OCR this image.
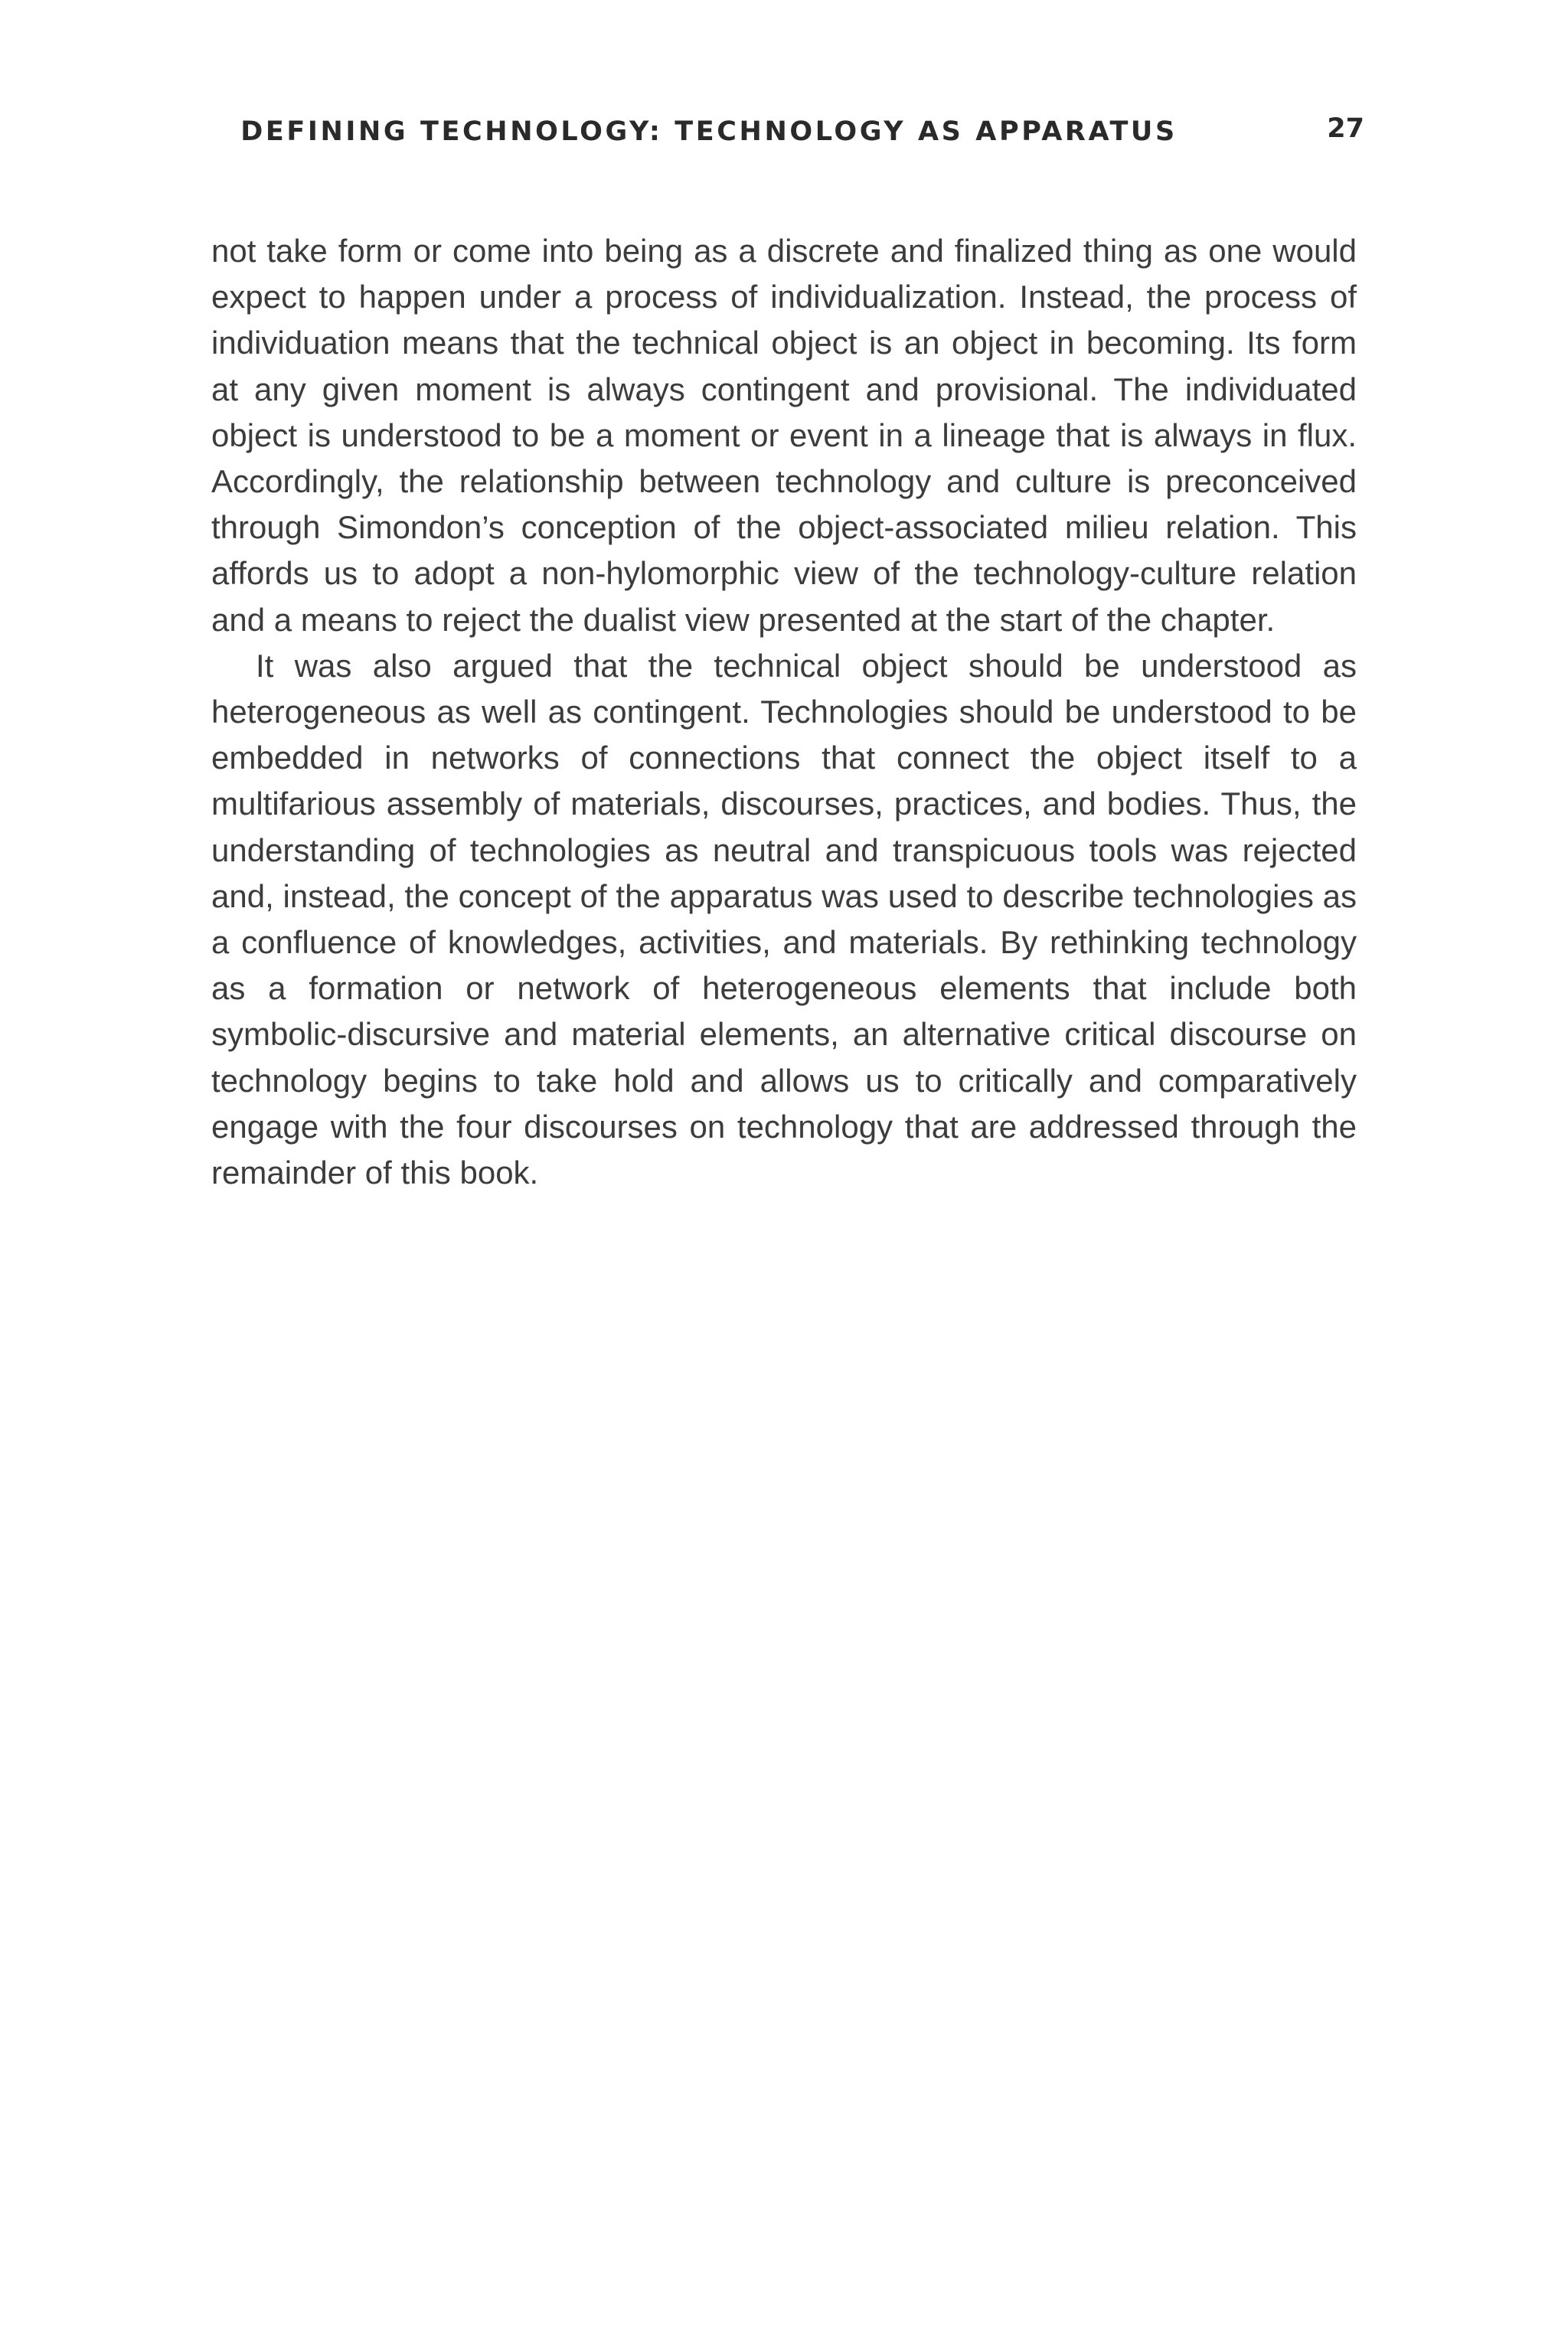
DEFINING TECHNOLOGY: TECHNOLOGY AS APPARATUS	27

not take form or come into being as a discrete and finalized thing as one would expect to happen under a process of individualization. Instead, the process of individuation means that the technical object is an object in becoming. Its form at any given moment is always contingent and provisional. The individuated object is understood to be a moment or event in a lineage that is always in flux. Accordingly, the relationship between technology and culture is preconceived through Simondon’s conception of the object-associated milieu relation. This affords us to adopt a non-hylomorphic view of the technology-culture relation and a means to reject the dualist view presented at the start of the chapter.

It was also argued that the technical object should be understood as heterogeneous as well as contingent. Technologies should be understood to be embedded in networks of connections that connect the object itself to a multifarious assembly of materials, discourses, practices, and bodies. Thus, the understanding of technologies as neutral and transpicuous tools was rejected and, instead, the concept of the apparatus was used to describe technologies as a confluence of knowledges, activities, and materials. By rethinking technology as a formation or network of heterogeneous elements that include both symbolic-discursive and material elements, an alternative critical discourse on technology begins to take hold and allows us to critically and comparatively engage with the four discourses on technology that are addressed through the remainder of this book.
